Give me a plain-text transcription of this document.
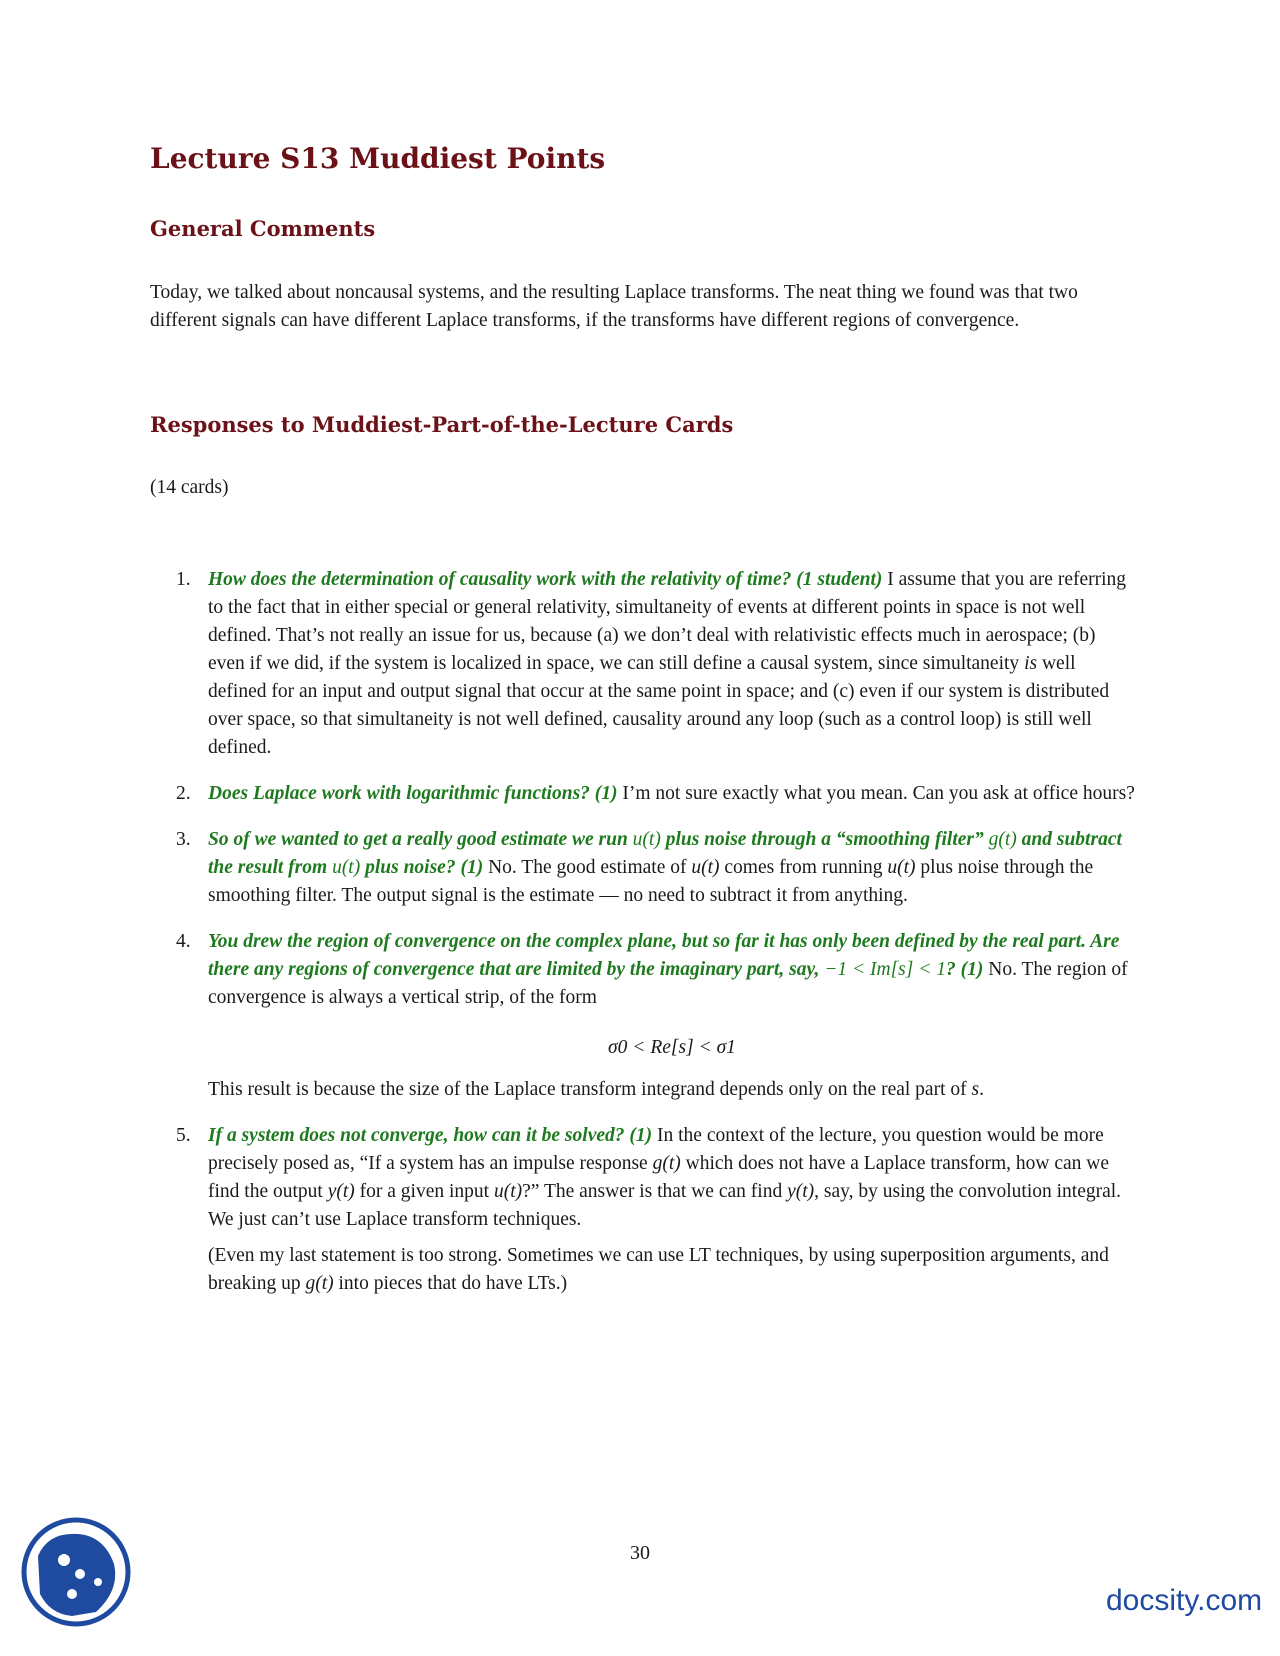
Lecture S13 Muddiest Points
General Comments

Today, we talked about noncausal systems, and the resulting Laplace transforms. The neat thing we found was that two different signals can have different Laplace transforms, if the transforms have different regions of convergence.

Responses to Muddiest-Part-of-the-Lecture Cards

(14 cards)

1. How does the determination of causality work with the relativity of time? (1 student) I assume that you are referring to the fact that in either special or general relativity, simultaneity of events at different points in space is not well defined. That’s not really an issue for us, because (a) we don’t deal with relativistic effects much in aerospace; (b) even if we did, if the system is localized in space, we can still define a causal system, since simultaneity is well defined for an input and output signal that occur at the same point in space; and (c) even if our system is distributed over space, so that simultaneity is not well defined, causality around any loop (such as a control loop) is still well defined.
2. Does Laplace work with logarithmic functions? (1) I’m not sure exactly what you mean. Can you ask at office hours?
3. So of we wanted to get a really good estimate we run u(t) plus noise through a “smoothing filter” g(t) and subtract the result from u(t) plus noise? (1) No. The good estimate of u(t) comes from running u(t) plus noise through the smoothing filter. The output signal is the estimate — no need to subtract it from anything.
4. You drew the region of convergence on the complex plane, but so far it has only been defined by the real part. Are there any regions of convergence that are limited by the imaginary part, say, −1 < Im[s] < 1? (1) No. The region of convergence is always a vertical strip, of the form
σ0 < Re[s] < σ1
This result is because the size of the Laplace transform integrand depends only on the real part of s.
5. If a system does not converge, how can it be solved? (1) In the context of the lecture, you question would be more precisely posed as, “If a system has an impulse response g(t) which does not have a Laplace transform, how can we find the output y(t) for a given input u(t)?” The answer is that we can find y(t), say, by using the convolution integral. We just can’t use Laplace transform techniques.
(Even my last statement is too strong. Sometimes we can use LT techniques, by using superposition arguments, and breaking up g(t) into pieces that do have LTs.)
30
docsity.com
